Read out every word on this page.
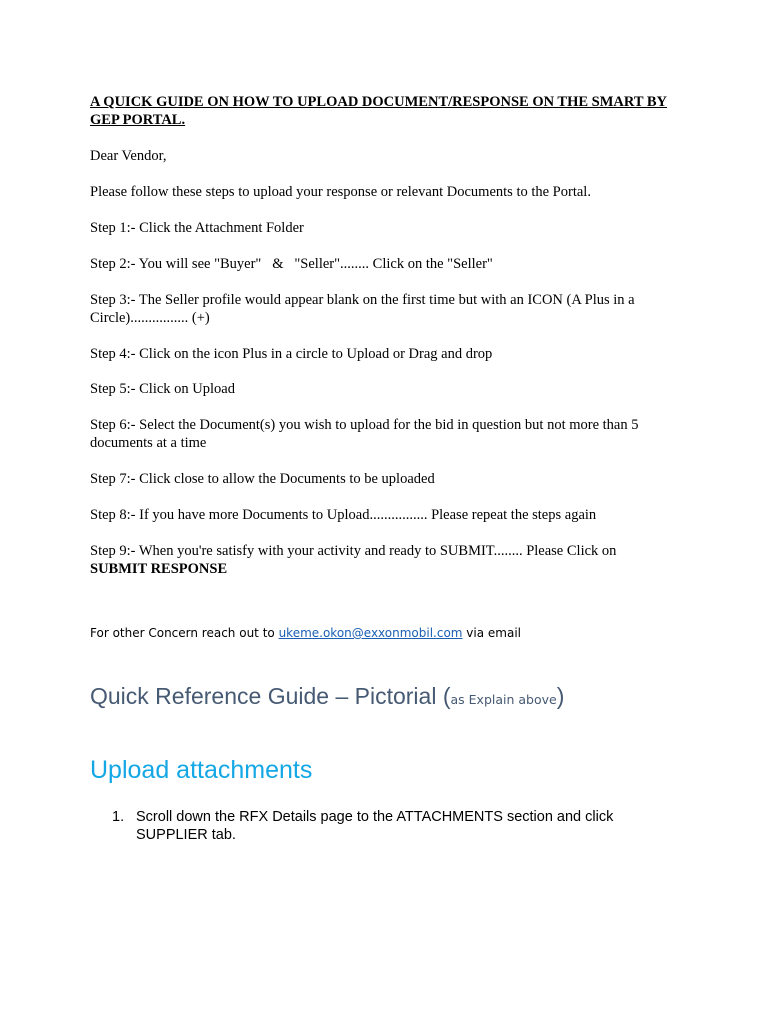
A QUICK GUIDE ON HOW TO UPLOAD DOCUMENT/RESPONSE ON THE SMART BY GEP PORTAL.
Dear Vendor,
Please follow these steps to upload your response or relevant Documents to the Portal.
Step 1:- Click the Attachment Folder
Step 2:- You will see "Buyer"   &   "Seller"........ Click on the "Seller"
Step 3:- The Seller profile would appear blank on the first time but with an ICON (A Plus in a Circle)................ (+)
Step 4:- Click on the icon Plus in a circle to Upload or Drag and drop
Step 5:- Click on Upload
Step 6:- Select the Document(s) you wish to upload for the bid in question but not more than 5 documents at a time
Step 7:- Click close to allow the Documents to be uploaded
Step 8:- If you have more Documents to Upload................ Please repeat the steps again
Step 9:- When you're satisfy with your activity and ready to SUBMIT........ Please Click on
SUBMIT RESPONSE
For other Concern reach out to ukeme.okon@exxonmobil.com via email
Quick Reference Guide – Pictorial (as Explain above)
Upload attachments
1. Scroll down the RFX Details page to the ATTACHMENTS section and click SUPPLIER tab.
